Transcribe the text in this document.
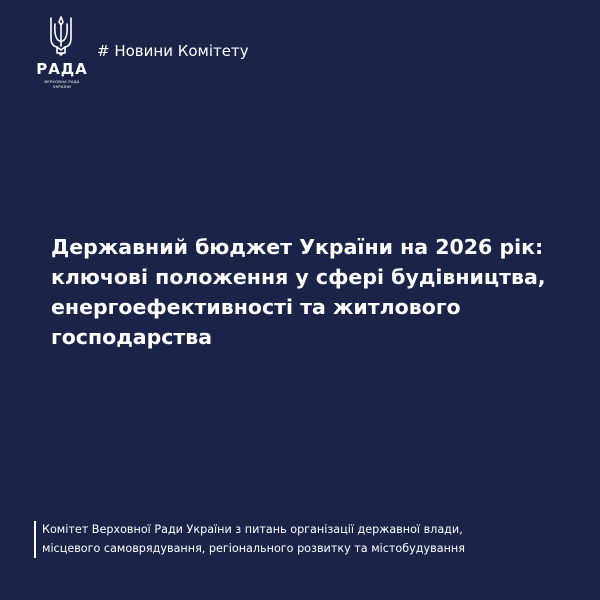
РАДА
ВЕРХОВНА РАДА
УКРАЇНИ
# Новини Комітету
Державний бюджет України на 2026 рік:
ключові положення у сфері будівництва,
енергоефективності та житлового
господарства
Комітет Верховної Ради України з питань організації державної влади,
місцевого самоврядування, регіонального розвитку та містобудування
